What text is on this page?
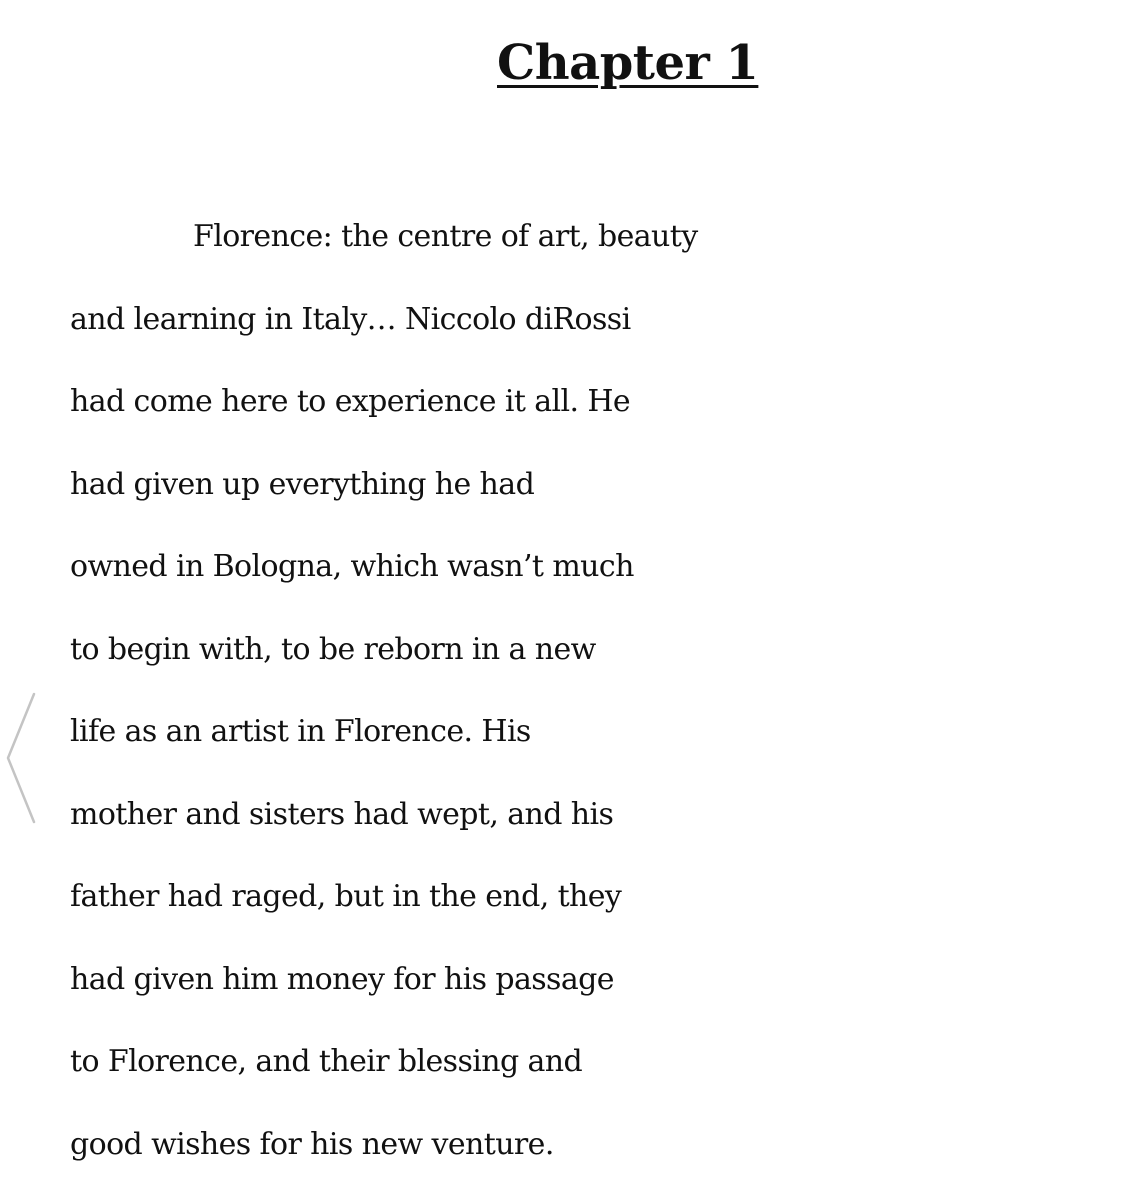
Chapter 1
Florence: the centre of art, beauty
and learning in Italy… Niccolo diRossi
had come here to experience it all. He
had given up everything he had
owned in Bologna, which wasn’t much
to begin with, to be reborn in a new
life as an artist in Florence. His
mother and sisters had wept, and his
father had raged, but in the end, they
had given him money for his passage
to Florence, and their blessing and
good wishes for his new venture.
